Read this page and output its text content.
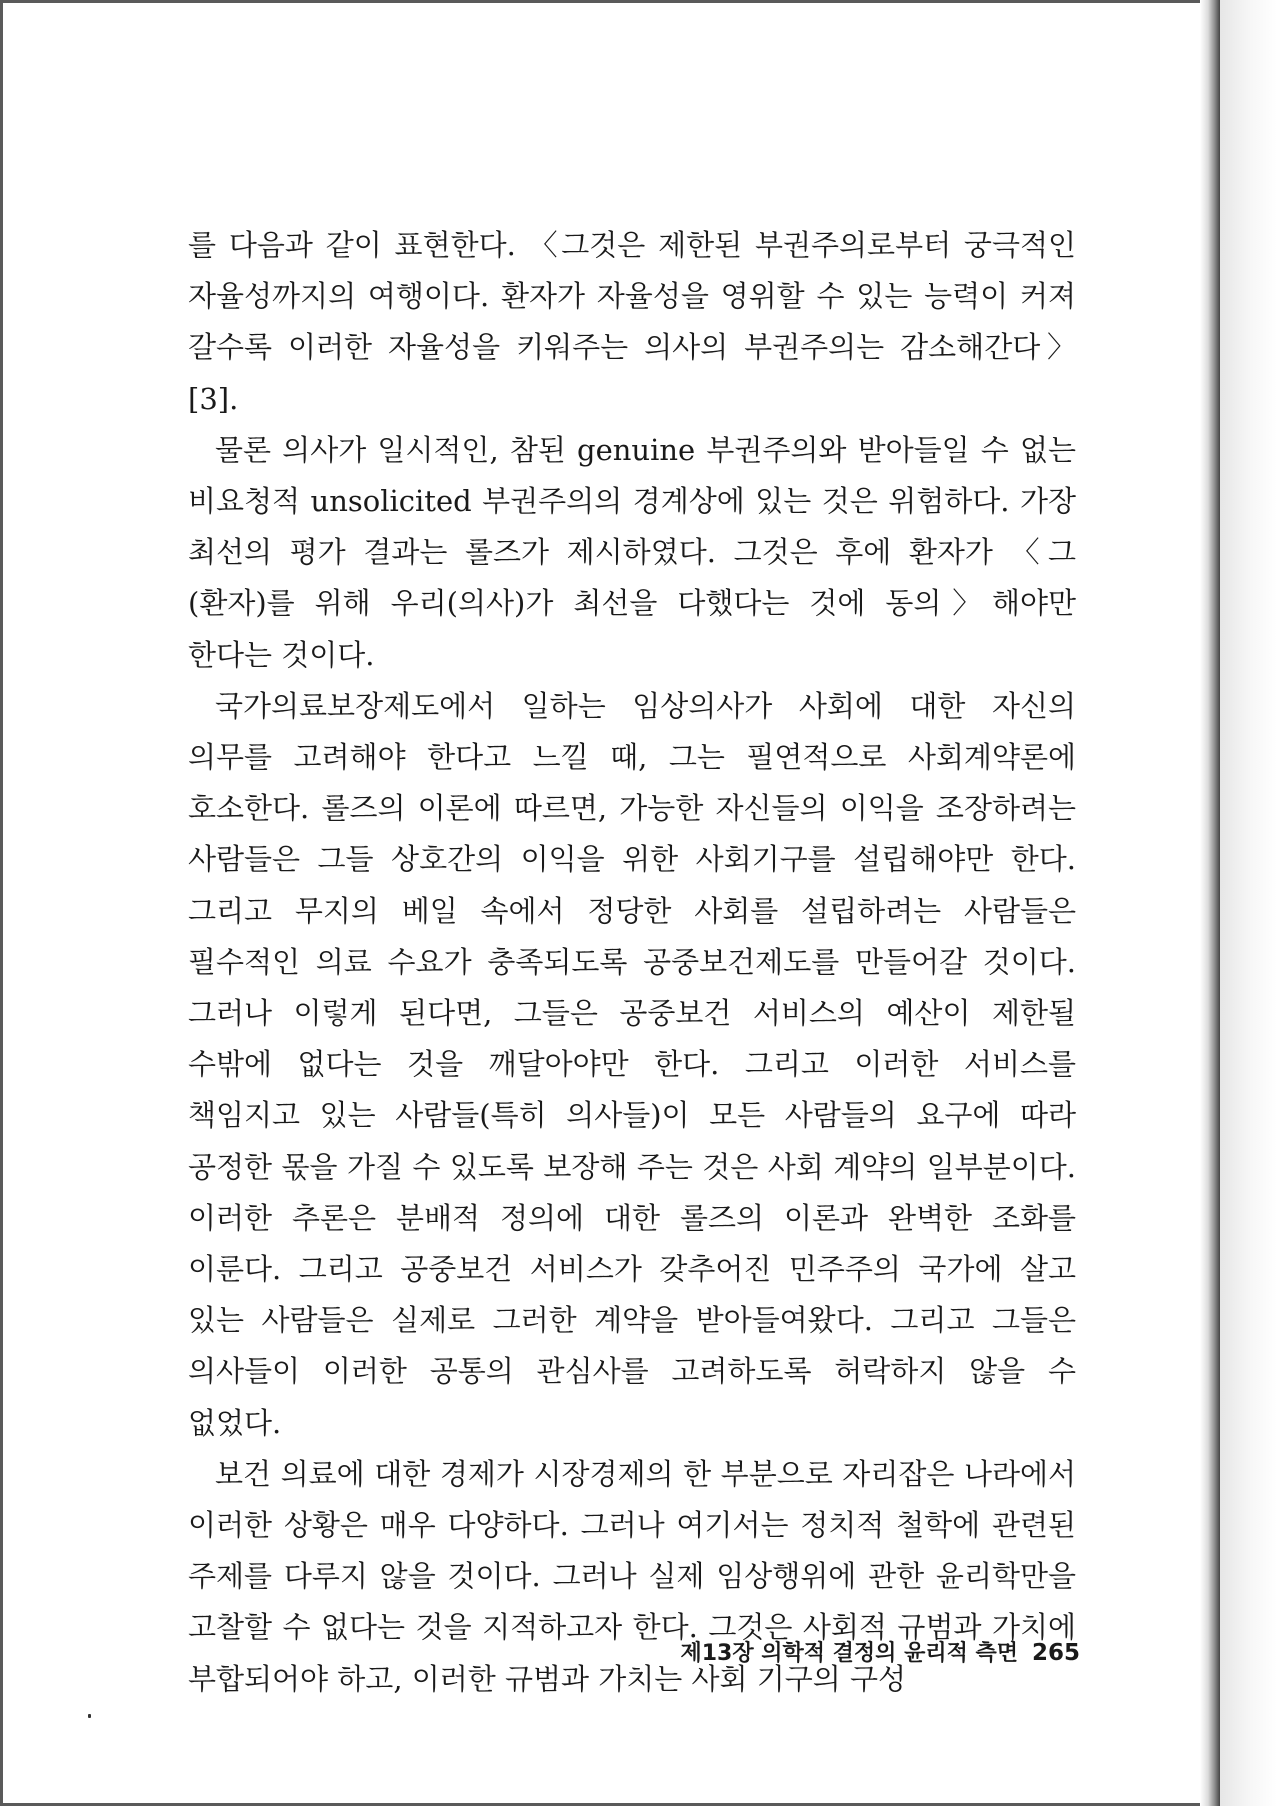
를 다음과 같이 표현한다. 〈그것은 제한된 부권주의로부터 궁극적인 자율성까지의 여행이다. 환자가 자율성을 영위할 수 있는 능력이 커져 갈수록 이러한 자율성을 키워주는 의사의 부권주의는 감소해간다〉[3].

물론 의사가 일시적인, 참된 genuine 부권주의와 받아들일 수 없는 비요청적 unsolicited 부권주의의 경계상에 있는 것은 위험하다. 가장 최선의 평가 결과는 롤즈가 제시하였다. 그것은 후에 환자가 〈그(환자)를 위해 우리(의사)가 최선을 다했다는 것에 동의〉해야만 한다는 것이다.

국가의료보장제도에서 일하는 임상의사가 사회에 대한 자신의 의무를 고려해야 한다고 느낄 때, 그는 필연적으로 사회계약론에 호소한다. 롤즈의 이론에 따르면, 가능한 자신들의 이익을 조장하려는 사람들은 그들 상호간의 이익을 위한 사회기구를 설립해야만 한다. 그리고 무지의 베일 속에서 정당한 사회를 설립하려는 사람들은 필수적인 의료 수요가 충족되도록 공중보건제도를 만들어갈 것이다. 그러나 이렇게 된다면, 그들은 공중보건 서비스의 예산이 제한될 수밖에 없다는 것을 깨달아야만 한다. 그리고 이러한 서비스를 책임지고 있는 사람들(특히 의사들)이 모든 사람들의 요구에 따라 공정한 몫을 가질 수 있도록 보장해 주는 것은 사회 계약의 일부분이다. 이러한 추론은 분배적 정의에 대한 롤즈의 이론과 완벽한 조화를 이룬다. 그리고 공중보건 서비스가 갖추어진 민주주의 국가에 살고 있는 사람들은 실제로 그러한 계약을 받아들여왔다. 그리고 그들은 의사들이 이러한 공통의 관심사를 고려하도록 허락하지 않을 수 없었다.

보건 의료에 대한 경제가 시장경제의 한 부분으로 자리잡은 나라에서 이러한 상황은 매우 다양하다. 그러나 여기서는 정치적 철학에 관련된 주제를 다루지 않을 것이다. 그러나 실제 임상행위에 관한 윤리학만을 고찰할 수 없다는 것을 지적하고자 한다. 그것은 사회적 규범과 가치에 부합되어야 하고, 이러한 규범과 가치는 사회 기구의 구성

제13장 의학적 결정의 윤리적 측면 265
